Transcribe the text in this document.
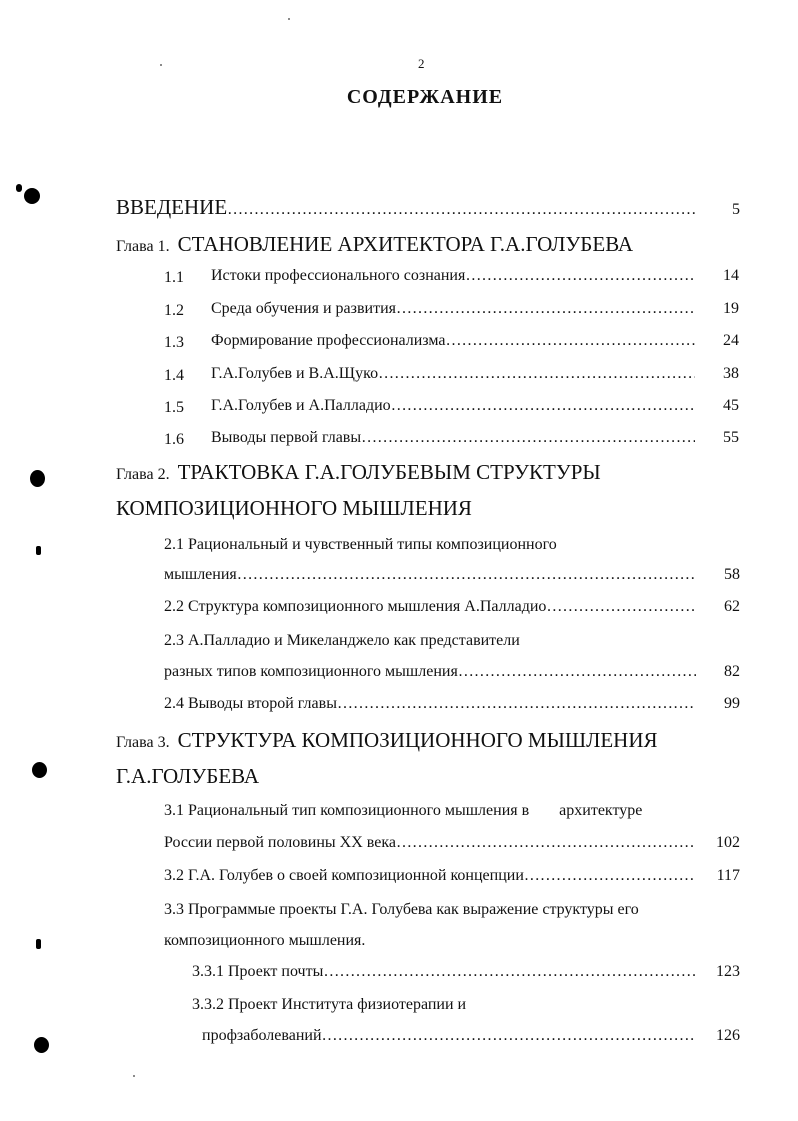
2
СОДЕРЖАНИЕ
ВВЕДЕНИЕ …………………………………………………………………………………………………………………………………………………………………	5
Глава 1. СТАНОВЛЕНИЕ АРХИТЕКТОРА Г.А.ГОЛУБЕВА
1.1 Истоки профессионального сознания …………………………………………………………………………………………………………………………………………………………………	14
1.2 Среда обучения и развития …………………………………………………………………………………………………………………………………………………………………	19
1.3 Формирование профессионализма …………………………………………………………………………………………………………………………………………………………………	24
1.4 Г.А.Голубев и В.А.Щуко …………………………………………………………………………………………………………………………………………………………………	38
1.5 Г.А.Голубев и А.Палладио …………………………………………………………………………………………………………………………………………………………………	45
1.6 Выводы первой главы …………………………………………………………………………………………………………………………………………………………………	55
Глава 2. ТРАКТОВКА Г.А.ГОЛУБЕВЫМ СТРУКТУРЫ
КОМПОЗИЦИОННОГО МЫШЛЕНИЯ
2.1 Рациональный и чувственный типы композиционного
мышления …………………………………………………………………………………………………………………………………………………………………	58
2.2 Структура композиционного мышления А.Палладио …………………………………………………………………………………………………………………………………………………………………	62
2.3 А.Палладио и Микеланджело как представители
разных типов композиционного мышления …………………………………………………………………………………………………………………………………………………………………	82
2.4 Выводы второй главы …………………………………………………………………………………………………………………………………………………………………	99
Глава 3. СТРУКТУРА КОМПОЗИЦИОННОГО МЫШЛЕНИЯ
Г.А.ГОЛУБЕВА
3.1 Рациональный тип композиционного мышления в архитектуре
России первой половины XX века …………………………………………………………………………………………………………………………………………………………………	102
3.2 Г.А. Голубев о своей композиционной концепции …………………………………………………………………………………………………………………………………………………………………	117
3.3 Программые проекты Г.А. Голубева как выражение структуры его
композиционного мышления.
3.3.1 Проект почты …………………………………………………………………………………………………………………………………………………………………	123
3.3.2 Проект Института физиотерапии и
профзаболеваний …………………………………………………………………………………………………………………………………………………………………	126
